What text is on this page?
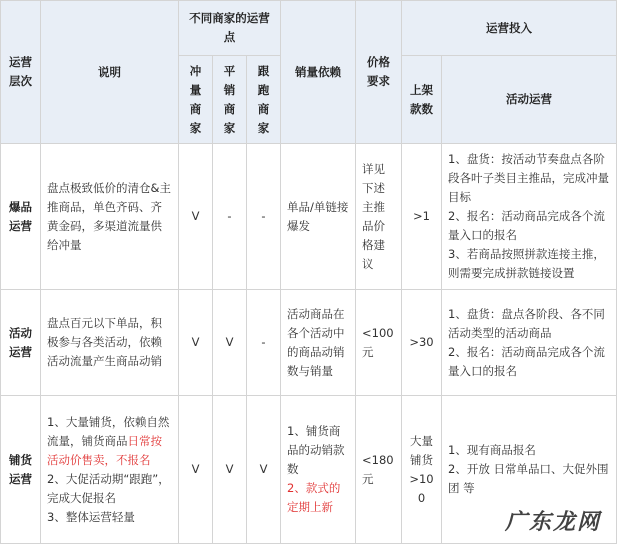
运营层次	说明	不同商家的运营点			销量依赖	价格要求	运营投入	
		冲量商家	平销商家	跟跑商家			上架款数	活动运营
爆品运营	盘点极致低价的清仓&主推商品，单色齐码、齐黄金码，多渠道流量供给冲量	V	-	-	单品/单链接爆发	详见下述主推品价格建议	>1	1、盘货：按活动节奏盘点各阶段各叶子类目主推品，完成冲量目标
2、报名：活动商品完成各个流量入口的报名
3、若商品按照拼款连接主推，则需要完成拼款链接设置

活动运营	盘点百元以下单品，积极参与各类活动，依赖活动流量产生商品动销	V	V	-	活动商品在各个活动中的商品动销数与销量	<100元	>30	1、盘货：盘点各阶段、各不同活动类型的活动商品
2、报名：活动商品完成各个流量入口的报名

铺货运营	1、大量铺货，依赖自然流量，铺货商品日常按活动价售卖，不报名
2、大促活动期“跟跑”，完成大促报名
3、整体运营轻量	V	V	V	1、铺货商品的动销款数
2、款式的定期上新	<180元	大量铺货>100	1、现有商品报名
2、开放 日常单品口、大促外围团 等
广东龙网
